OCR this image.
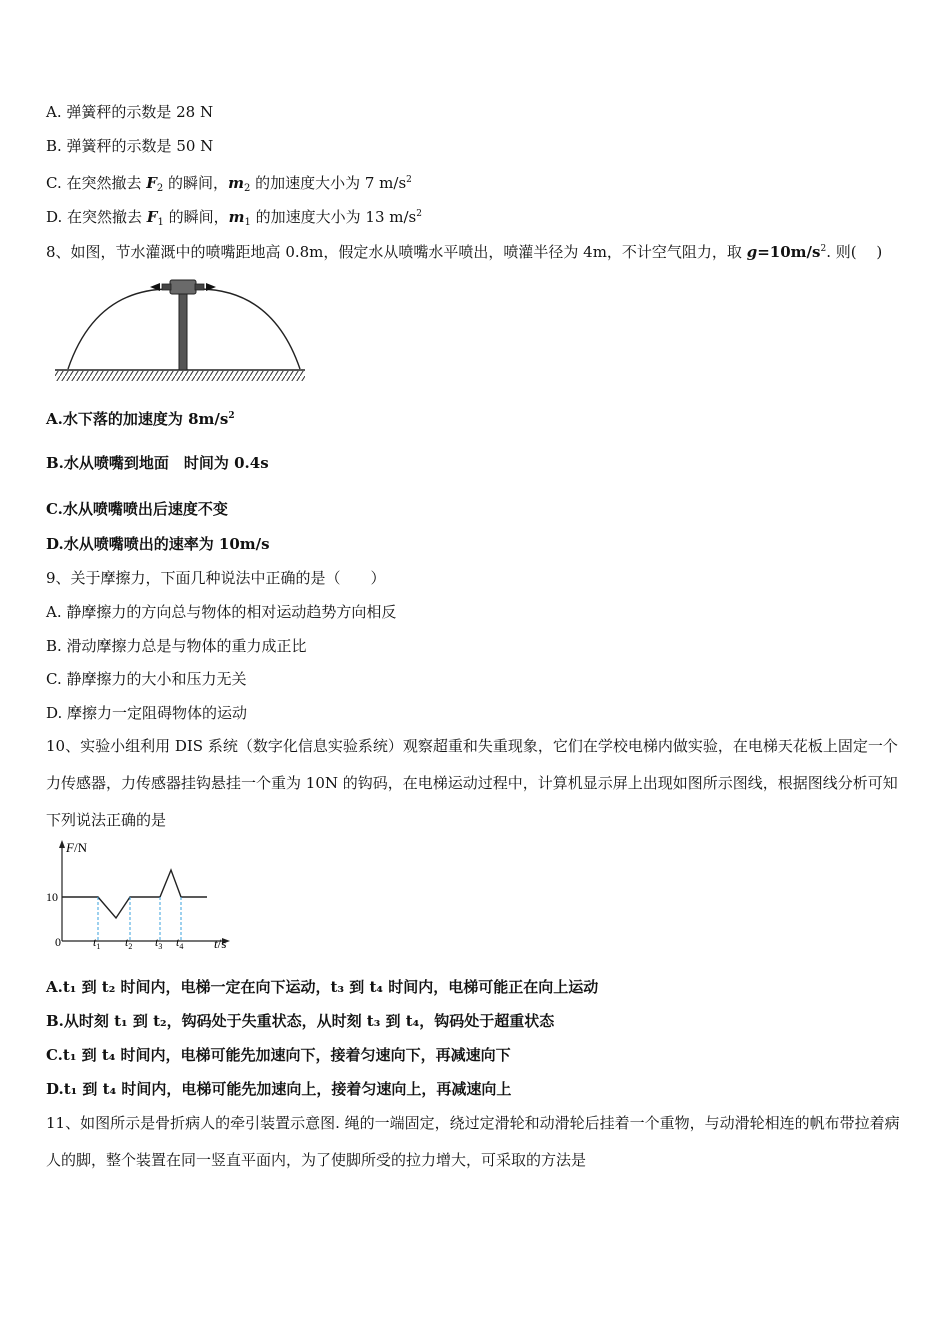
A. 弹簧秤的示数是 28 N
B. 弹簧秤的示数是 50 N
C. 在突然撤去 $F_2$ 的瞬间，$m_2$ 的加速度大小为 7 $m/s^2$
D. 在突然撤去 $F_1$ 的瞬间，$m_1$ 的加速度大小为 13 $m/s^2$
8、如图，节水灌溉中的喷嘴距地高 0.8m，假定水从喷嘴水平喷出，喷灌半径为 4m，不计空气阻力，取 $g=10m/s^2$. 则(　 )
A.水下落的加速度为 $8m/s^2$
B.水从喷嘴到地面　时间为 0.4s
C.水从喷嘴喷出后速度不变
D.水从喷嘴喷出的速率为 10m/s
9、关于摩擦力，下面几种说法中正确的是（　　）
A. 静摩擦力的方向总与物体的相对运动趋势方向相反
B. 滑动摩擦力总是与物体的重力成正比
C. 静摩擦力的大小和压力无关
D. 摩擦力一定阻碍物体的运动
10、实验小组利用 DIS 系统（数字化信息实验系统）观察超重和失重现象，它们在学校电梯内做实验，在电梯天花板上固定一个力传感器，力传感器挂钩悬挂一个重为 10N 的钩码，在电梯运动过程中，计算机显示屏上出现如图所示图线，根据图线分析可知下列说法正确的是
F/N
t/s
0
10
$t_1$ $t_2$ $t_3$ $t_4$
A.t₁ 到 t₂ 时间内，电梯一定在向下运动，t₃ 到 t₄ 时间内，电梯可能正在向上运动
B.从时刻 t₁ 到 t₂，钩码处于失重状态，从时刻 t₃ 到 t₄，钩码处于超重状态
C.t₁ 到 t₄ 时间内，电梯可能先加速向下，接着匀速向下，再减速向下
D.t₁ 到 t₄ 时间内，电梯可能先加速向上，接着匀速向上，再减速向上
11、如图所示是骨折病人的牵引装置示意图. 绳的一端固定，绕过定滑轮和动滑轮后挂着一个重物，与动滑轮相连的帆布带拉着病人的脚，整个装置在同一竖直平面内，为了使脚所受的拉力增大，可采取的方法是
